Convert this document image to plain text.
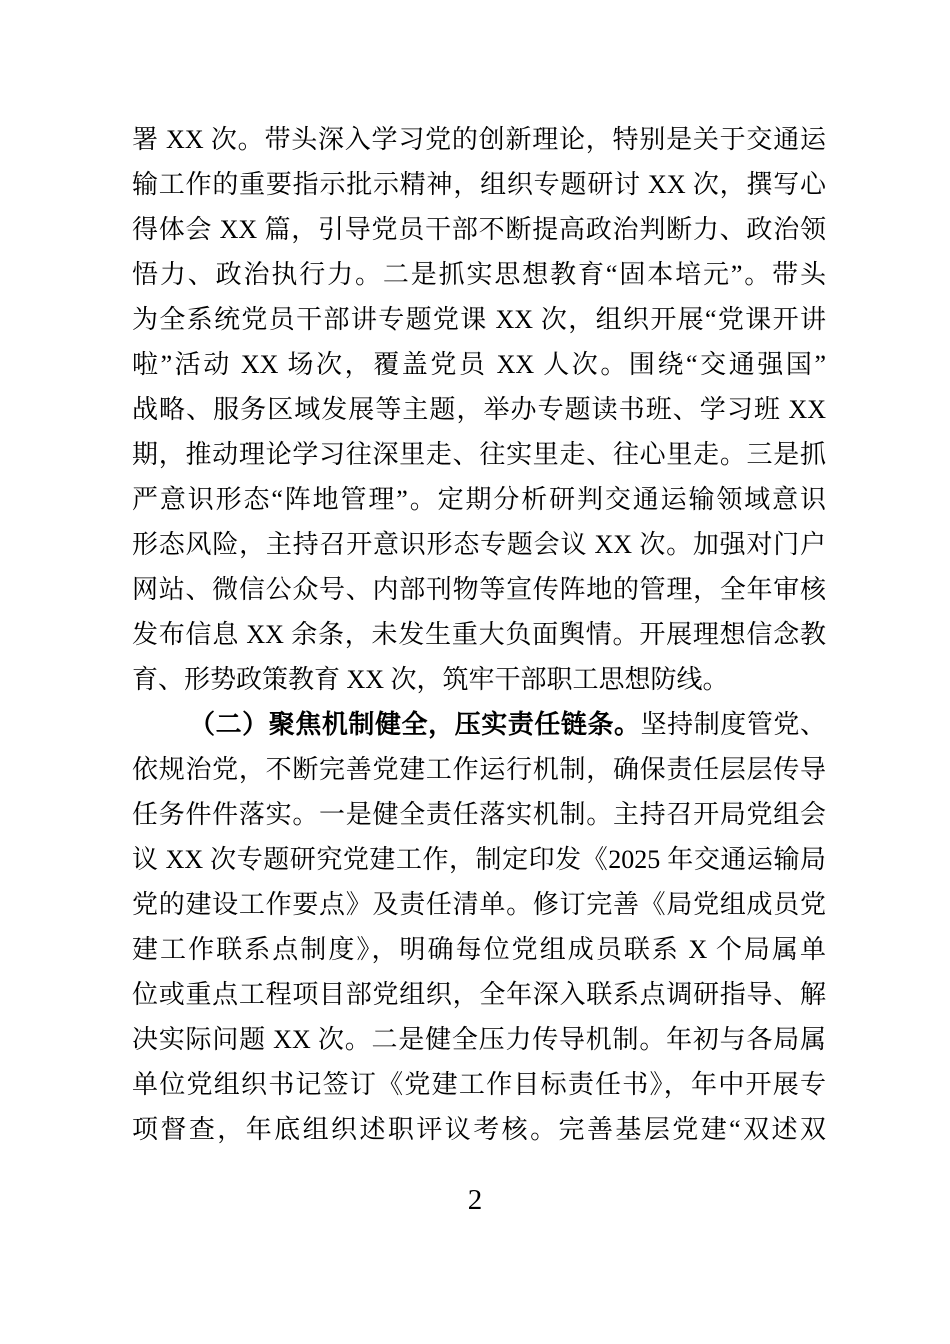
署 XX 次。带头深入学习党的创新理论，特别是关于交通运
输工作的重要指示批示精神，组织专题研讨 XX 次，撰写心
得体会 XX 篇，引导党员干部不断提高政治判断力、政治领
悟力、政治执行力。二是抓实思想教育“固本培元”。带头
为全系统党员干部讲专题党课 XX 次，组织开展“党课开讲
啦”活动 XX 场次，覆盖党员 XX 人次。围绕“交通强国”
战略、服务区域发展等主题，举办专题读书班、学习班 XX
期，推动理论学习往深里走、往实里走、往心里走。三是抓
严意识形态“阵地管理”。定期分析研判交通运输领域意识
形态风险，主持召开意识形态专题会议 XX 次。加强对门户
网站、微信公众号、内部刊物等宣传阵地的管理，全年审核
发布信息 XX 余条，未发生重大负面舆情。开展理想信念教
育、形势政策教育 XX 次，筑牢干部职工思想防线。
（二）聚焦机制健全，压实责任链条。坚持制度管党、
依规治党，不断完善党建工作运行机制，确保责任层层传导
任务件件落实。一是健全责任落实机制。主持召开局党组会
议 XX 次专题研究党建工作，制定印发《2025 年交通运输局
党的建设工作要点》及责任清单。修订完善《局党组成员党
建工作联系点制度》，明确每位党组成员联系 X 个局属单
位或重点工程项目部党组织，全年深入联系点调研指导、解
决实际问题 XX 次。二是健全压力传导机制。年初与各局属
单位党组织书记签订《党建工作目标责任书》，年中开展专
项督查，年底组织述职评议考核。完善基层党建“双述双
2
